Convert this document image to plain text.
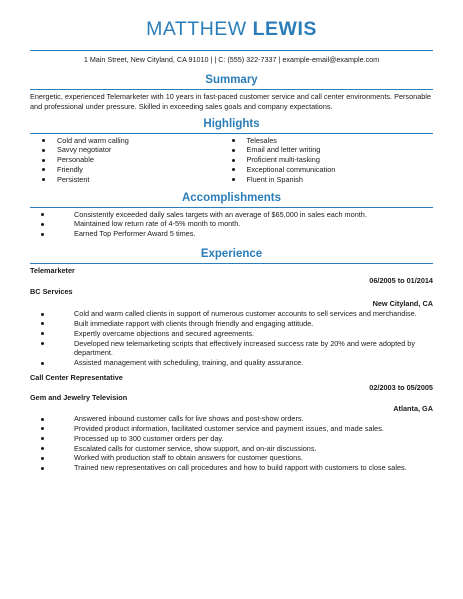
MATTHEW LEWIS
1 Main Street, New Cityland, CA 91010 | | C: (555) 322-7337 | example-email@example.com
Summary
Energetic, experienced Telemarketer with 10 years in fast-paced customer service and call center environments. Personable and professional under pressure. Skilled in exceeding sales goals and company expectations.
Highlights
Cold and warm calling
Savvy negotiator
Personable
Friendly
Persistent
Telesales
Email and letter writing
Proficient multi-tasking
Exceptional communication
Fluent in Spanish
Accomplishments
Consistently exceeded daily sales targets with an average of $65,000 in sales each month.
Maintained low return rate of 4-5% month to month.
Earned Top Performer Award 5 times.
Experience
Telemarketer
06/2005 to 01/2014
BC Services
New Cityland, CA
Cold and warm called clients in support of numerous customer accounts to sell services and merchandise.
Built immediate rapport with clients through friendly and engaging attitude.
Expertly overcame objections and secured agreements.
Developed new telemarketing scripts that effectively increased success rate by 20% and were adopted by department.
Assisted management with scheduling, training, and quality assurance.
Call Center Representative
02/2003 to 05/2005
Gem and Jewelry Television
Atlanta, GA
Answered inbound customer calls for live shows and post-show orders.
Provided product information, facilitated customer service and payment issues, and made sales.
Processed up to 300 customer orders per day.
Escalated calls for customer service, show support, and on-air discussions.
Worked with production staff to obtain answers for customer questions.
Trained new representatives on call procedures and how to build rapport with customers to close sales.
